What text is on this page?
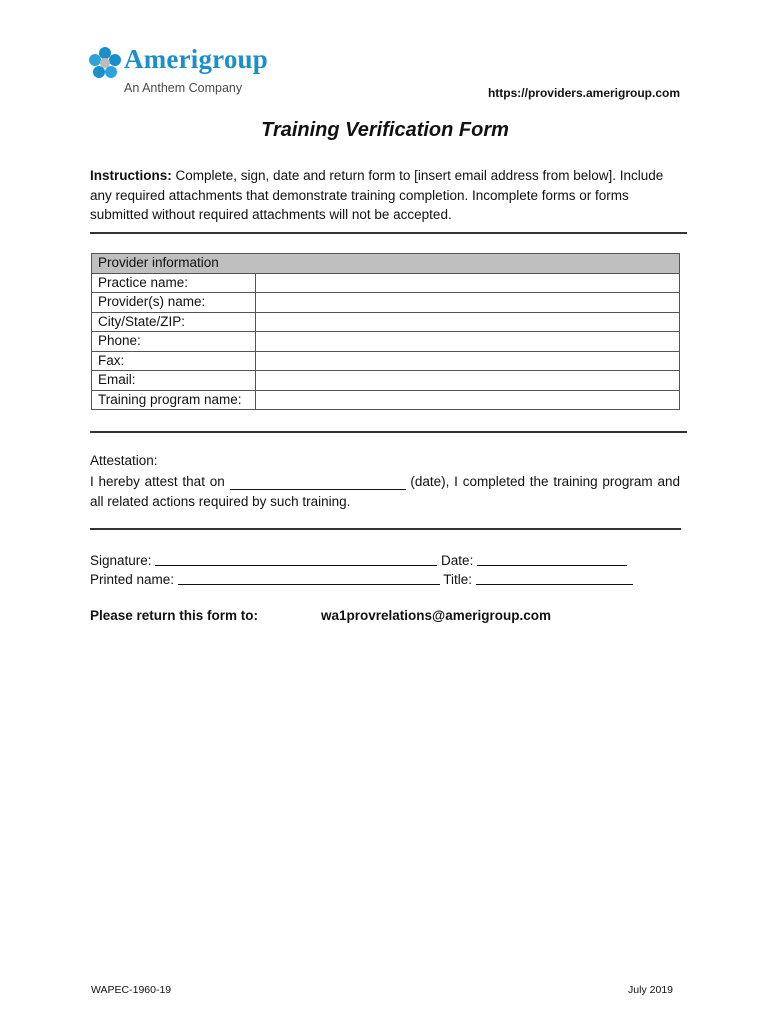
Amerigroup
An Anthem Company	https://providers.amerigroup.com
Training Verification Form
Instructions: Complete, sign, date and return form to [insert email address from below]. Include any required attachments that demonstrate training completion. Incomplete forms or forms submitted without required attachments will not be accepted.
Provider information	
Practice name:	
Provider(s) name:	
City/State/ZIP:	
Phone:	
Fax:	
Email:	
Training program name:	
Attestation:
I hereby attest that on	(date), I completed the training program and all related actions required by such training.
Signature:	Date:
Printed name:	Title:
Please return this form to:	wa1provrelations@amerigroup.com
WAPEC-1960-19	July 2019
